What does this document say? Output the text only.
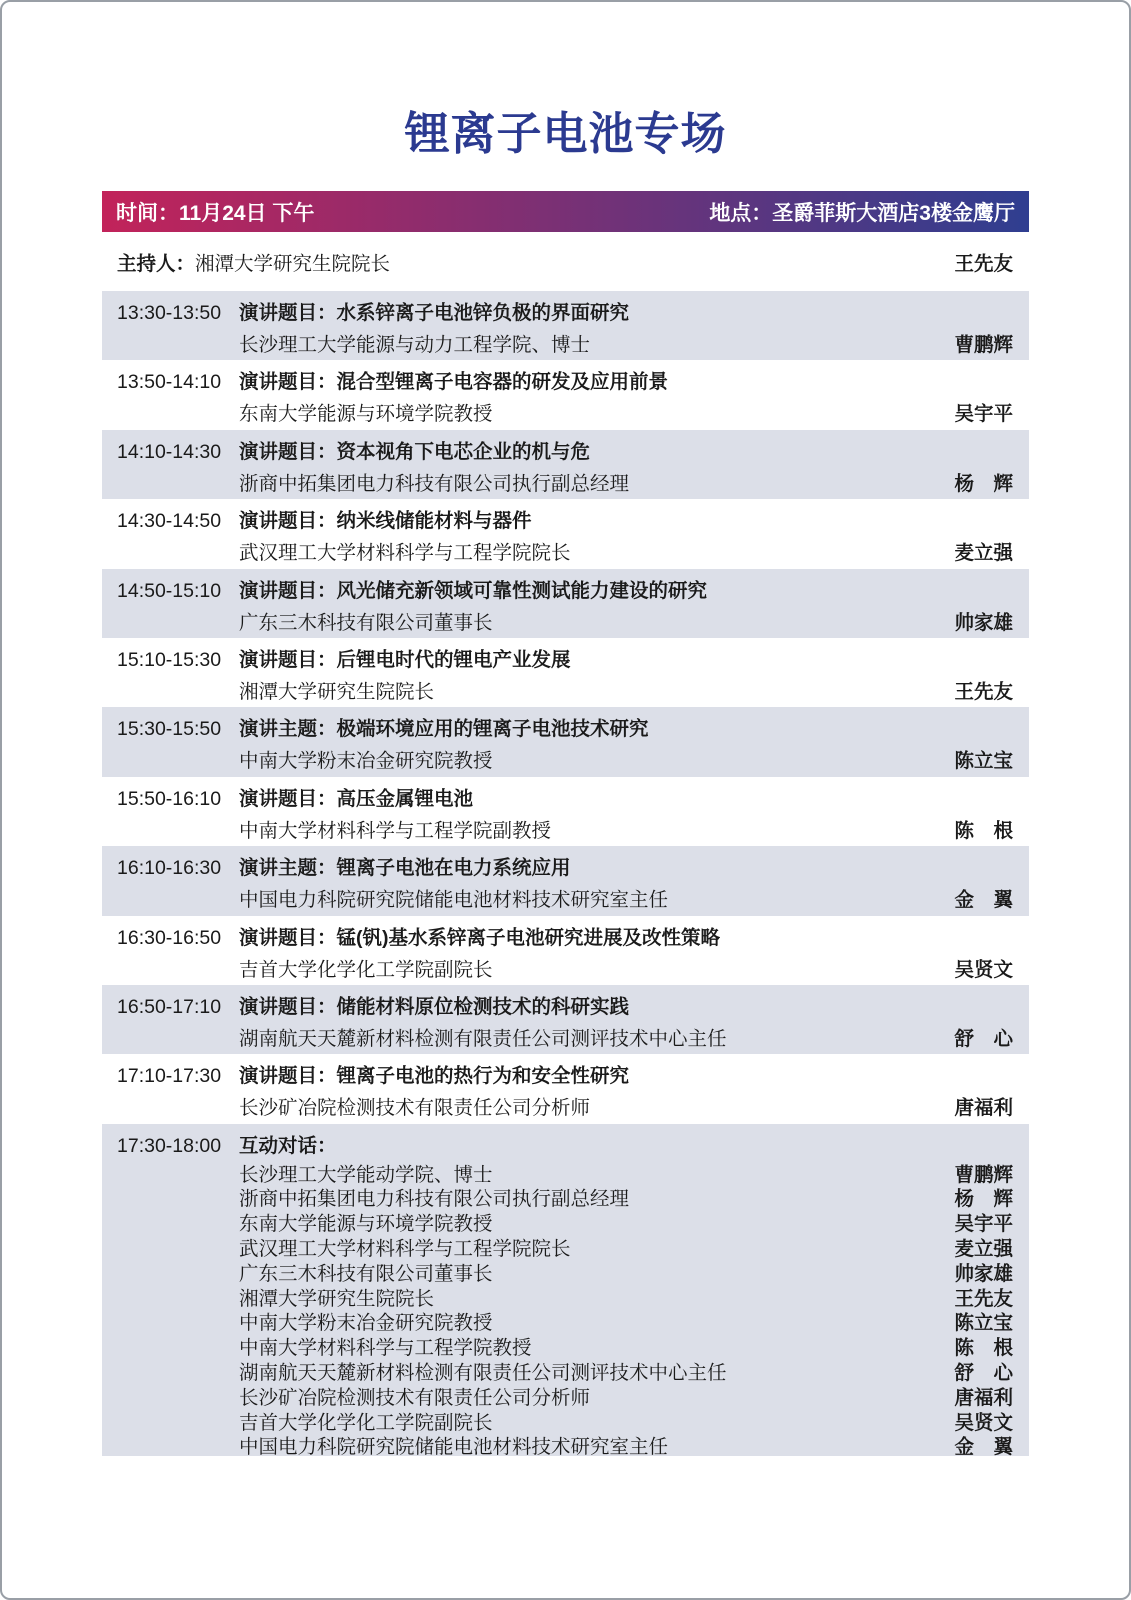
锂离子电池专场
时间：11月24日 下午	地点：圣爵菲斯大酒店3楼金鹰厅
主持人： 湘潭大学研究生院院长	王先友
13:30-13:50 演讲题目：水系锌离子电池锌负极的界面研究
长沙理工大学能源与动力工程学院、博士	曹鹏辉
13:50-14:10 演讲题目：混合型锂离子电容器的研发及应用前景
东南大学能源与环境学院教授	吴宇平
14:10-14:30 演讲题目：资本视角下电芯企业的机与危
浙商中拓集团电力科技有限公司执行副总经理	杨　辉
14:30-14:50 演讲题目：纳米线储能材料与器件
武汉理工大学材料科学与工程学院院长	麦立强
14:50-15:10 演讲题目：风光储充新领域可靠性测试能力建设的研究
广东三木科技有限公司董事长	帅家雄
15:10-15:30 演讲题目：后锂电时代的锂电产业发展
湘潭大学研究生院院长	王先友
15:30-15:50 演讲主题：极端环境应用的锂离子电池技术研究
中南大学粉末冶金研究院教授	陈立宝
15:50-16:10 演讲题目：高压金属锂电池
中南大学材料科学与工程学院副教授	陈　根
16:10-16:30 演讲主题：锂离子电池在电力系统应用
中国电力科院研究院储能电池材料技术研究室主任	金　翼
16:30-16:50 演讲题目：锰(钒)基水系锌离子电池研究进展及改性策略
吉首大学化学化工学院副院长	吴贤文
16:50-17:10 演讲题目：储能材料原位检测技术的科研实践
湖南航天天麓新材料检测有限责任公司测评技术中心主任	舒　心
17:10-17:30 演讲题目：锂离子电池的热行为和安全性研究
长沙矿冶院检测技术有限责任公司分析师	唐福利
17:30-18:00 互动对话：
长沙理工大学能动学院、博士	曹鹏辉
浙商中拓集团电力科技有限公司执行副总经理	杨　辉
东南大学能源与环境学院教授	吴宇平
武汉理工大学材料科学与工程学院院长	麦立强
广东三木科技有限公司董事长	帅家雄
湘潭大学研究生院院长	王先友
中南大学粉末冶金研究院教授	陈立宝
中南大学材料科学与工程学院教授	陈　根
湖南航天天麓新材料检测有限责任公司测评技术中心主任	舒　心
长沙矿冶院检测技术有限责任公司分析师	唐福利
吉首大学化学化工学院副院长	吴贤文
中国电力科院研究院储能电池材料技术研究室主任	金　翼
